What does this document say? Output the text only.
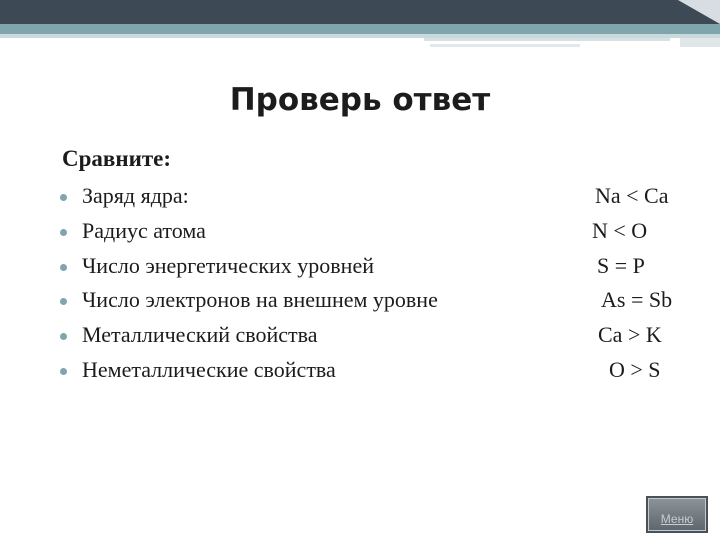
Проверь ответ
Сравните:
Заряд ядра:	Na < Ca
Радиус атома	N < O
Число энергетических уровней	S = P
Число электронов на внешнем уровне	As = Sb
Металлический свойства	Ca > K
Неметаллические свойства	O > S
Меню
